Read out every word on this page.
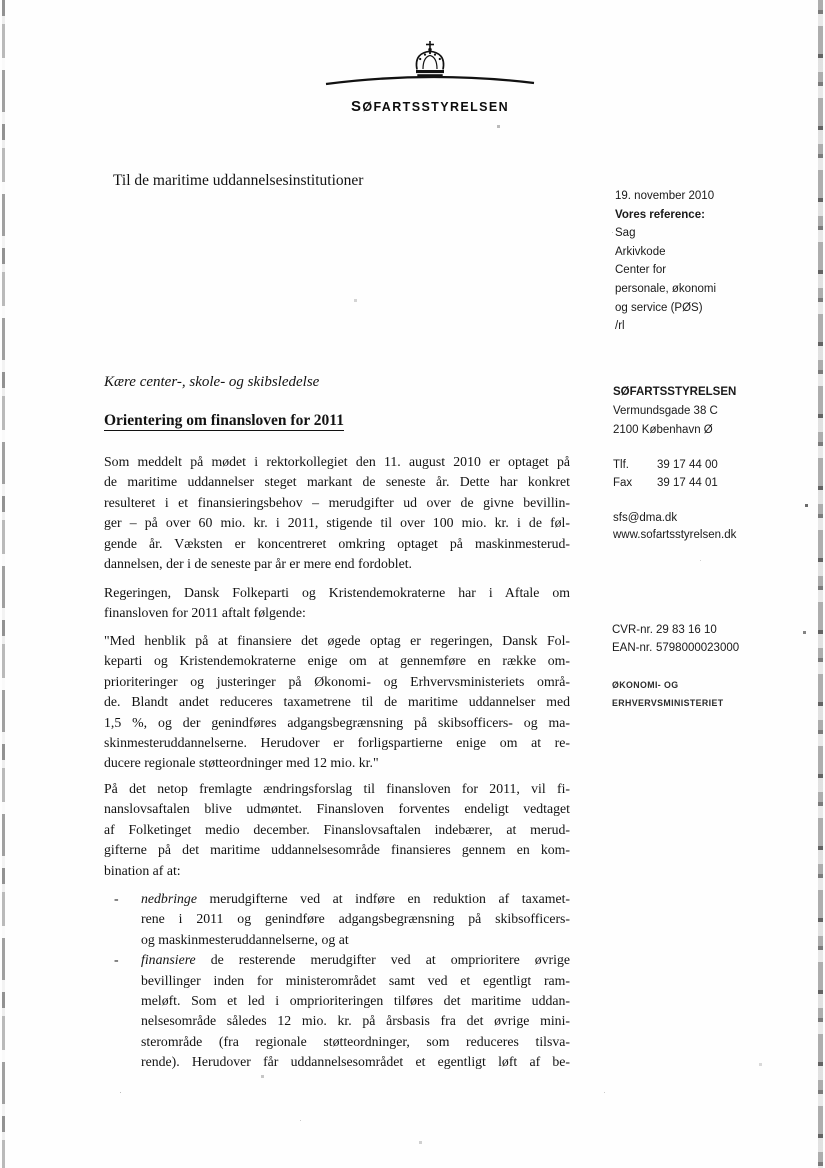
SØFARTSSTYRELSEN
Til de maritime uddannelsesinstitutioner
19. november 2010
Vores reference:
Sag
Arkivkode
Center for
personale, økonomi
og service (PØS)
/rl
Kære center-, skole- og skibsledelse
Orientering om finansloven for 2011
Som meddelt på mødet i rektorkollegiet den 11. august 2010 er optaget på
de maritime uddannelser steget markant de seneste år. Dette har konkret
resulteret i et finansieringsbehov – merudgifter ud over de givne bevillin-
ger – på over 60 mio. kr. i 2011, stigende til over 100 mio. kr. i de føl-
gende år. Væksten er koncentreret omkring optaget på maskinmesterud-
dannelsen, der i de seneste par år er mere end fordoblet.
Regeringen, Dansk Folkeparti og Kristendemokraterne har i Aftale om
finansloven for 2011 aftalt følgende:
"Med henblik på at finansiere det øgede optag er regeringen, Dansk Fol-
keparti og Kristendemokraterne enige om at gennemføre en række om-
prioriteringer og justeringer på Økonomi- og Erhvervsministeriets områ-
de. Blandt andet reduceres taxametrene til de maritime uddannelser med
1,5 %, og der genindføres adgangsbegrænsning på skibsofficers- og ma-
skinmesteruddannelserne. Herudover er forligspartierne enige om at re-
ducere regionale støtteordninger med 12 mio. kr."
På det netop fremlagte ændringsforslag til finansloven for 2011, vil fi-
nanslovsaftalen blive udmøntet. Finansloven forventes endeligt vedtaget
af Folketinget medio december. Finanslovsaftalen indebærer, at merud-
gifterne på det maritime uddannelsesområde finansieres gennem en kom-
bination af at:
-	nedbringe merudgifterne ved at indføre en reduktion af taxamet-
rene i 2011 og genindføre adgangsbegrænsning på skibsofficers-
og maskinmesteruddannelserne, og at
-	finansiere de resterende merudgifter ved at omprioritere øvrige
bevillinger inden for ministerområdet samt ved et egentligt ram-
meløft. Som et led i omprioriteringen tilføres det maritime uddan-
nelsesområde således 12 mio. kr. på årsbasis fra det øvrige mini-
sterområde (fra regionale støtteordninger, som reduceres tilsva-
rende). Herudover får uddannelsesområdet et egentligt løft af be-
SØFARTSSTYRELSEN
Vermundsgade 38 C
2100 København Ø
Tlf.	39 17 44 00
Fax	39 17 44 01
sfs@dma.dk
www.sofartsstyrelsen.dk
CVR-nr. 29 83 16 10
EAN-nr. 5798000023000
ØKONOMI- OG
ERHVERVSMINISTERIET
